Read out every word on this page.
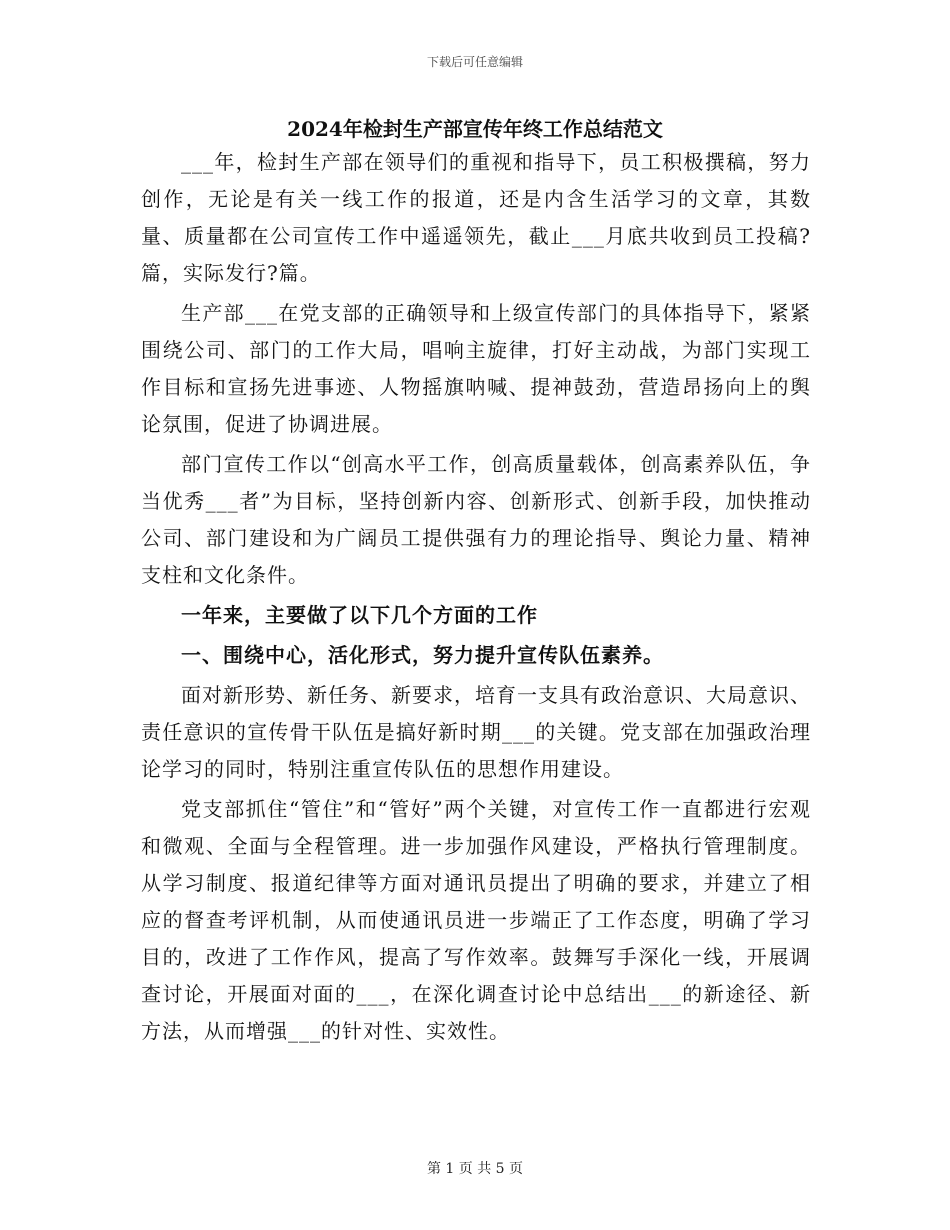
下载后可任意编辑
2024年检封生产部宣传年终工作总结范文

___年，检封生产部在领导们的重视和指导下，员工积极撰稿，努力创作，无论是有关一线工作的报道，还是内含生活学习的文章，其数量、质量都在公司宣传工作中遥遥领先，截止___月底共收到员工投稿?篇，实际发行?篇。

生产部___在党支部的正确领导和上级宣传部门的具体指导下，紧紧围绕公司、部门的工作大局，唱响主旋律，打好主动战，为部门实现工作目标和宣扬先进事迹、人物摇旗呐喊、提神鼓劲，营造昂扬向上的舆论氛围，促进了协调进展。

部门宣传工作以“创高水平工作，创高质量载体，创高素养队伍，争当优秀___者”为目标，坚持创新内容、创新形式、创新手段，加快推动公司、部门建设和为广阔员工提供强有力的理论指导、舆论力量、精神支柱和文化条件。

一年来，主要做了以下几个方面的工作

一、围绕中心，活化形式，努力提升宣传队伍素养。

面对新形势、新任务、新要求，培育一支具有政治意识、大局意识、责任意识的宣传骨干队伍是搞好新时期___的关键。党支部在加强政治理论学习的同时，特别注重宣传队伍的思想作用建设。

党支部抓住“管住”和“管好”两个关键，对宣传工作一直都进行宏观和微观、全面与全程管理。进一步加强作风建设，严格执行管理制度。从学习制度、报道纪律等方面对通讯员提出了明确的要求，并建立了相应的督查考评机制，从而使通讯员进一步端正了工作态度，明确了学习目的，改进了工作作风，提高了写作效率。鼓舞写手深化一线，开展调查讨论，开展面对面的___，在深化调查讨论中总结出___的新途径、新方法，从而增强___的针对性、实效性。

第 1 页 共 5 页
